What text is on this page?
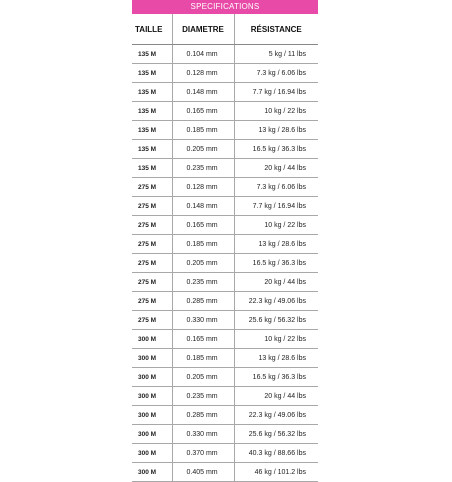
SPECIFICATIONS
TAILLE	DIAMETRE	RÉSISTANCE
135 M	0.104 mm	5 kg / 11 lbs
135 M	0.128 mm	7.3 kg / 6.06 lbs
135 M	0.148 mm	7.7 kg / 16.94 lbs
135 M	0.165 mm	10 kg / 22 lbs
135 M	0.185 mm	13 kg / 28.6 lbs
135 M	0.205 mm	16.5 kg / 36.3 lbs
135 M	0.235 mm	20 kg / 44 lbs
275 M	0.128 mm	7.3 kg / 6.06 lbs
275 M	0.148 mm	7.7 kg / 16.94 lbs
275 M	0.165 mm	10 kg / 22 lbs
275 M	0.185 mm	13 kg / 28.6 lbs
275 M	0.205 mm	16.5 kg / 36.3 lbs
275 M	0.235 mm	20 kg / 44 lbs
275 M	0.285 mm	22.3 kg / 49.06 lbs
275 M	0.330 mm	25.6 kg / 56.32 lbs
300 M	0.165 mm	10 kg / 22 lbs
300 M	0.185 mm	13 kg / 28.6 lbs
300 M	0.205 mm	16.5 kg / 36.3 lbs
300 M	0.235 mm	20 kg / 44 lbs
300 M	0.285 mm	22.3 kg / 49.06 lbs
300 M	0.330 mm	25.6 kg / 56.32 lbs
300 M	0.370 mm	40.3 kg / 88.66 lbs
300 M	0.405 mm	46 kg / 101.2 lbs
